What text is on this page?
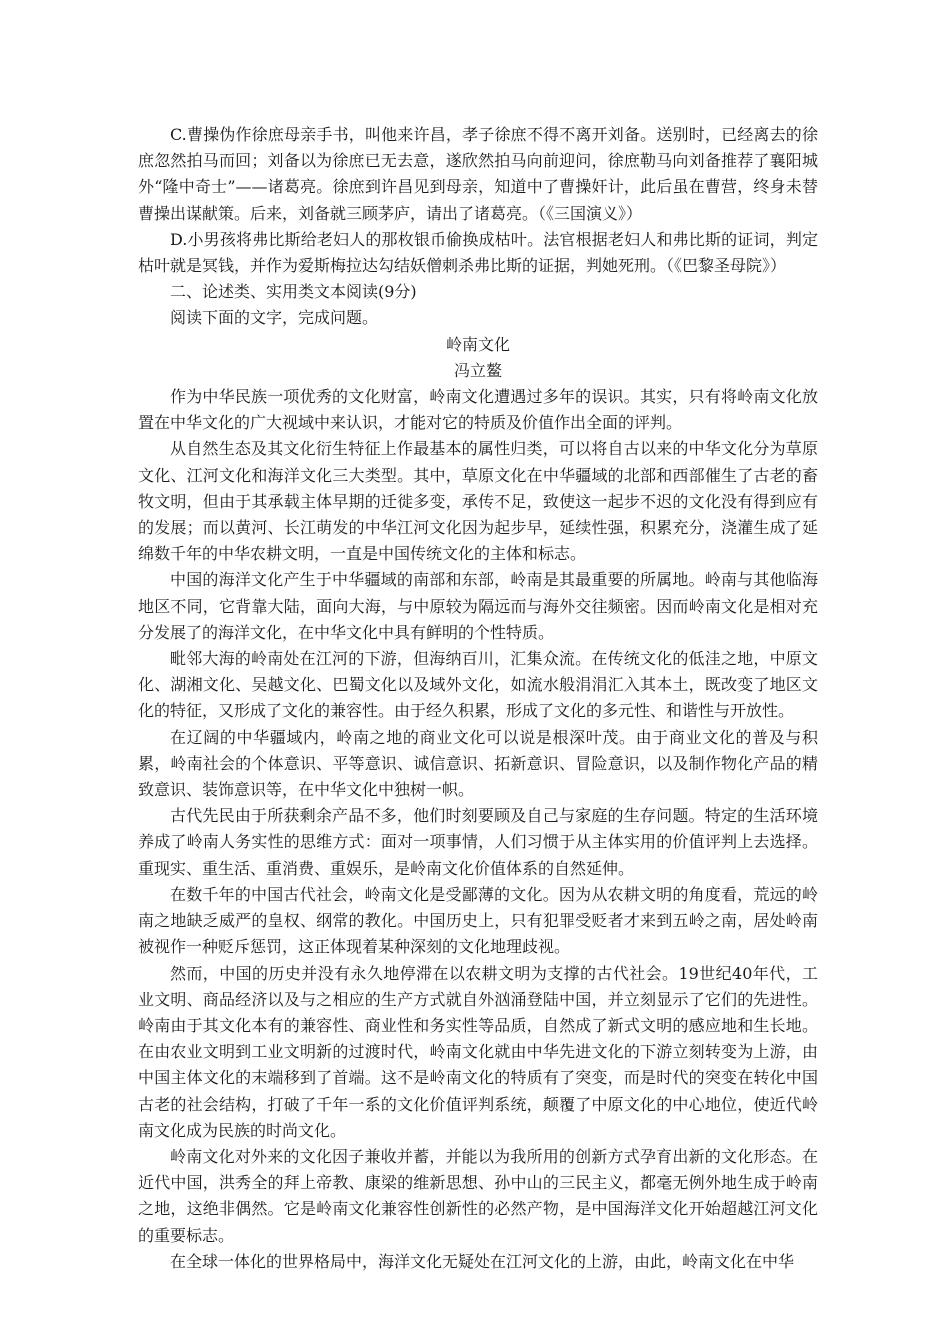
C.曹操伪作徐庶母亲手书，叫他来许昌，孝子徐庶不得不离开刘备。送别时，已经离去的徐庶忽然拍马而回；刘备以为徐庶已无去意，遂欣然拍马向前迎问，徐庶勒马向刘备推荐了襄阳城外“隆中奇士”——诸葛亮。徐庶到许昌见到母亲，知道中了曹操奸计，此后虽在曹营，终身未替曹操出谋献策。后来，刘备就三顾茅庐，请出了诸葛亮。（《三国演义》）

D.小男孩将弗比斯给老妇人的那枚银币偷换成枯叶。法官根据老妇人和弗比斯的证词，判定枯叶就是冥钱，并作为爱斯梅拉达勾结妖僧刺杀弗比斯的证据，判她死刑。（《巴黎圣母院》）

二、论述类、实用类文本阅读(9分)

阅读下面的文字，完成问题。

岭南文化
冯立鳌

作为中华民族一项优秀的文化财富，岭南文化遭遇过多年的误识。其实，只有将岭南文化放置在中华文化的广大视域中来认识，才能对它的特质及价值作出全面的评判。

从自然生态及其文化衍生特征上作最基本的属性归类，可以将自古以来的中华文化分为草原文化、江河文化和海洋文化三大类型。其中，草原文化在中华疆域的北部和西部催生了古老的畜牧文明，但由于其承载主体早期的迁徙多变，承传不足，致使这一起步不迟的文化没有得到应有的发展；而以黄河、长江萌发的中华江河文化因为起步早，延续性强，积累充分，浇灌生成了延绵数千年的中华农耕文明，一直是中国传统文化的主体和标志。

中国的海洋文化产生于中华疆域的南部和东部，岭南是其最重要的所属地。岭南与其他临海地区不同，它背靠大陆，面向大海，与中原较为隔远而与海外交往频密。因而岭南文化是相对充分发展了的海洋文化，在中华文化中具有鲜明的个性特质。

毗邻大海的岭南处在江河的下游，但海纳百川，汇集众流。在传统文化的低洼之地，中原文化、湖湘文化、吴越文化、巴蜀文化以及域外文化，如流水般涓涓汇入其本土，既改变了地区文化的特征，又形成了文化的兼容性。由于经久积累，形成了文化的多元性、和谐性与开放性。

在辽阔的中华疆域内，岭南之地的商业文化可以说是根深叶茂。由于商业文化的普及与积累，岭南社会的个体意识、平等意识、诚信意识、拓新意识、冒险意识，以及制作物化产品的精致意识、装饰意识等，在中华文化中独树一帜。

古代先民由于所获剩余产品不多，他们时刻要顾及自己与家庭的生存问题。特定的生活环境养成了岭南人务实性的思维方式：面对一项事情，人们习惯于从主体实用的价值评判上去选择。重现实、重生活、重消费、重娱乐，是岭南文化价值体系的自然延伸。

在数千年的中国古代社会，岭南文化是受鄙薄的文化。因为从农耕文明的角度看，荒远的岭南之地缺乏威严的皇权、纲常的教化。中国历史上，只有犯罪受贬者才来到五岭之南，居处岭南被视作一种贬斥惩罚，这正体现着某种深刻的文化地理歧视。

然而，中国的历史并没有永久地停滞在以农耕文明为支撑的古代社会。19世纪40年代，工业文明、商品经济以及与之相应的生产方式就自外汹涌登陆中国，并立刻显示了它们的先进性。岭南由于其文化本有的兼容性、商业性和务实性等品质，自然成了新式文明的感应地和生长地。在由农业文明到工业文明新的过渡时代，岭南文化就由中华先进文化的下游立刻转变为上游，由中国主体文化的末端移到了首端。这不是岭南文化的特质有了突变，而是时代的突变在转化中国古老的社会结构，打破了千年一系的文化价值评判系统，颠覆了中原文化的中心地位，使近代岭南文化成为民族的时尚文化。

岭南文化对外来的文化因子兼收并蓄，并能以为我所用的创新方式孕育出新的文化形态。在近代中国，洪秀全的拜上帝教、康梁的维新思想、孙中山的三民主义，都毫无例外地生成于岭南之地，这绝非偶然。它是岭南文化兼容性创新性的必然产物，是中国海洋文化开始超越江河文化的重要标志。

在全球一体化的世界格局中，海洋文化无疑处在江河文化的上游，由此，岭南文化在中华
